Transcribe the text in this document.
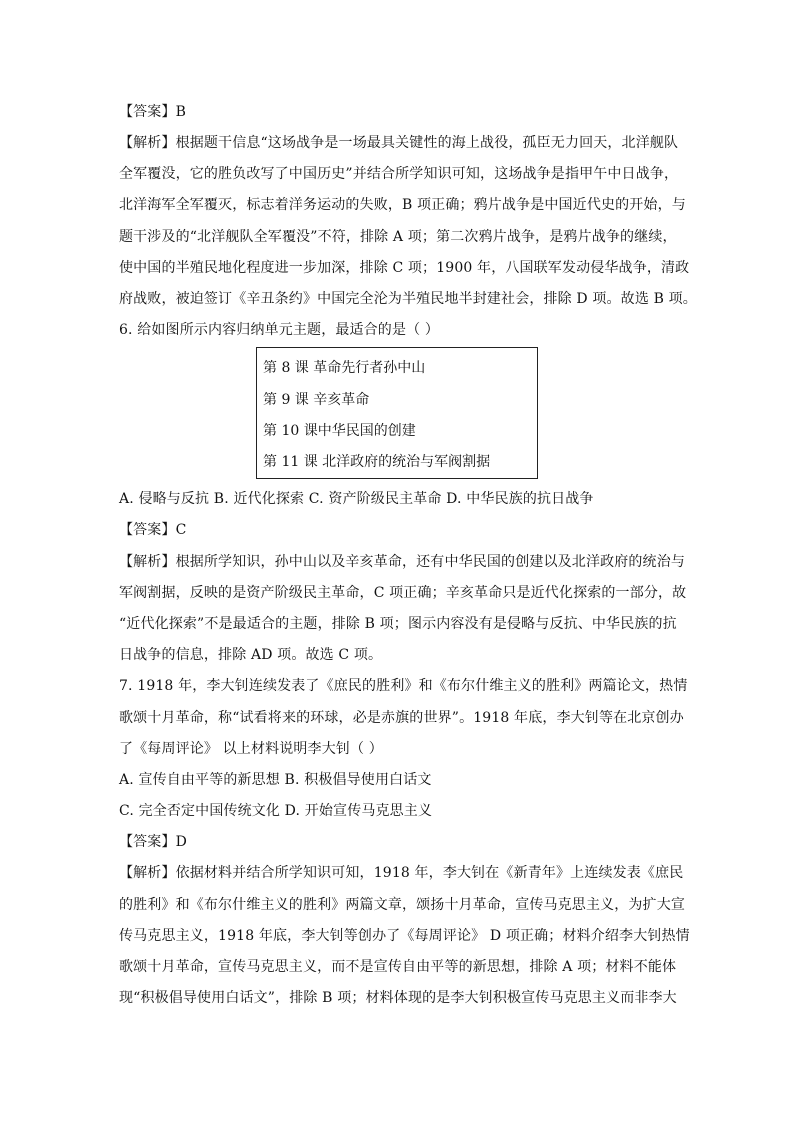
【答案】B
【解析】根据题干信息“这场战争是一场最具关键性的海上战役，孤臣无力回天，北洋舰队
全军覆没，它的胜负改写了中国历史”并结合所学知识可知，这场战争是指甲午中日战争，
北洋海军全军覆灭，标志着洋务运动的失败，B 项正确；鸦片战争是中国近代史的开始，与
题干涉及的“北洋舰队全军覆没”不符，排除 A 项；第二次鸦片战争，是鸦片战争的继续，
使中国的半殖民地化程度进一步加深，排除 C 项；1900 年，八国联军发动侵华战争，清政
府战败，被迫签订《辛丑条约》中国完全沦为半殖民地半封建社会，排除 D 项。故选 B 项。
6. 给如图所示内容归纳单元主题，最适合的是（ ）
第 8 课 革命先行者孙中山
第 9 课 辛亥革命
第 10 课中华民国的创建
第 11 课 北洋政府的统治与军阀割据
A. 侵略与反抗 B. 近代化探索 C. 资产阶级民主革命 D. 中华民族的抗日战争
【答案】C
【解析】根据所学知识，孙中山以及辛亥革命，还有中华民国的创建以及北洋政府的统治与
军阀割据，反映的是资产阶级民主革命，C 项正确；辛亥革命只是近代化探索的一部分，故
“近代化探索”不是最适合的主题，排除 B 项；图示内容没有是侵略与反抗、中华民族的抗
日战争的信息，排除 AD 项。故选 C 项。
7. 1918 年，李大钊连续发表了《庶民的胜利》和《布尔什维主义的胜利》两篇论文，热情
歌颂十月革命，称“试看将来的环球，必是赤旗的世界”。1918 年底，李大钊等在北京创办
了《每周评论》 以上材料说明李大钊（ ）
A. 宣传自由平等的新思想 B. 积极倡导使用白话文
C. 完全否定中国传统文化 D. 开始宣传马克思主义
【答案】D
【解析】依据材料并结合所学知识可知，1918 年，李大钊在《新青年》上连续发表《庶民
的胜利》和《布尔什维主义的胜利》两篇文章，颂扬十月革命，宣传马克思主义，为扩大宣
传马克思主义，1918 年底，李大钊等创办了《每周评论》 D 项正确；材料介绍李大钊热情
歌颂十月革命，宣传马克思主义，而不是宣传自由平等的新思想，排除 A 项；材料不能体
现“积极倡导使用白话文”，排除 B 项；材料体现的是李大钊积极宣传马克思主义而非李大
